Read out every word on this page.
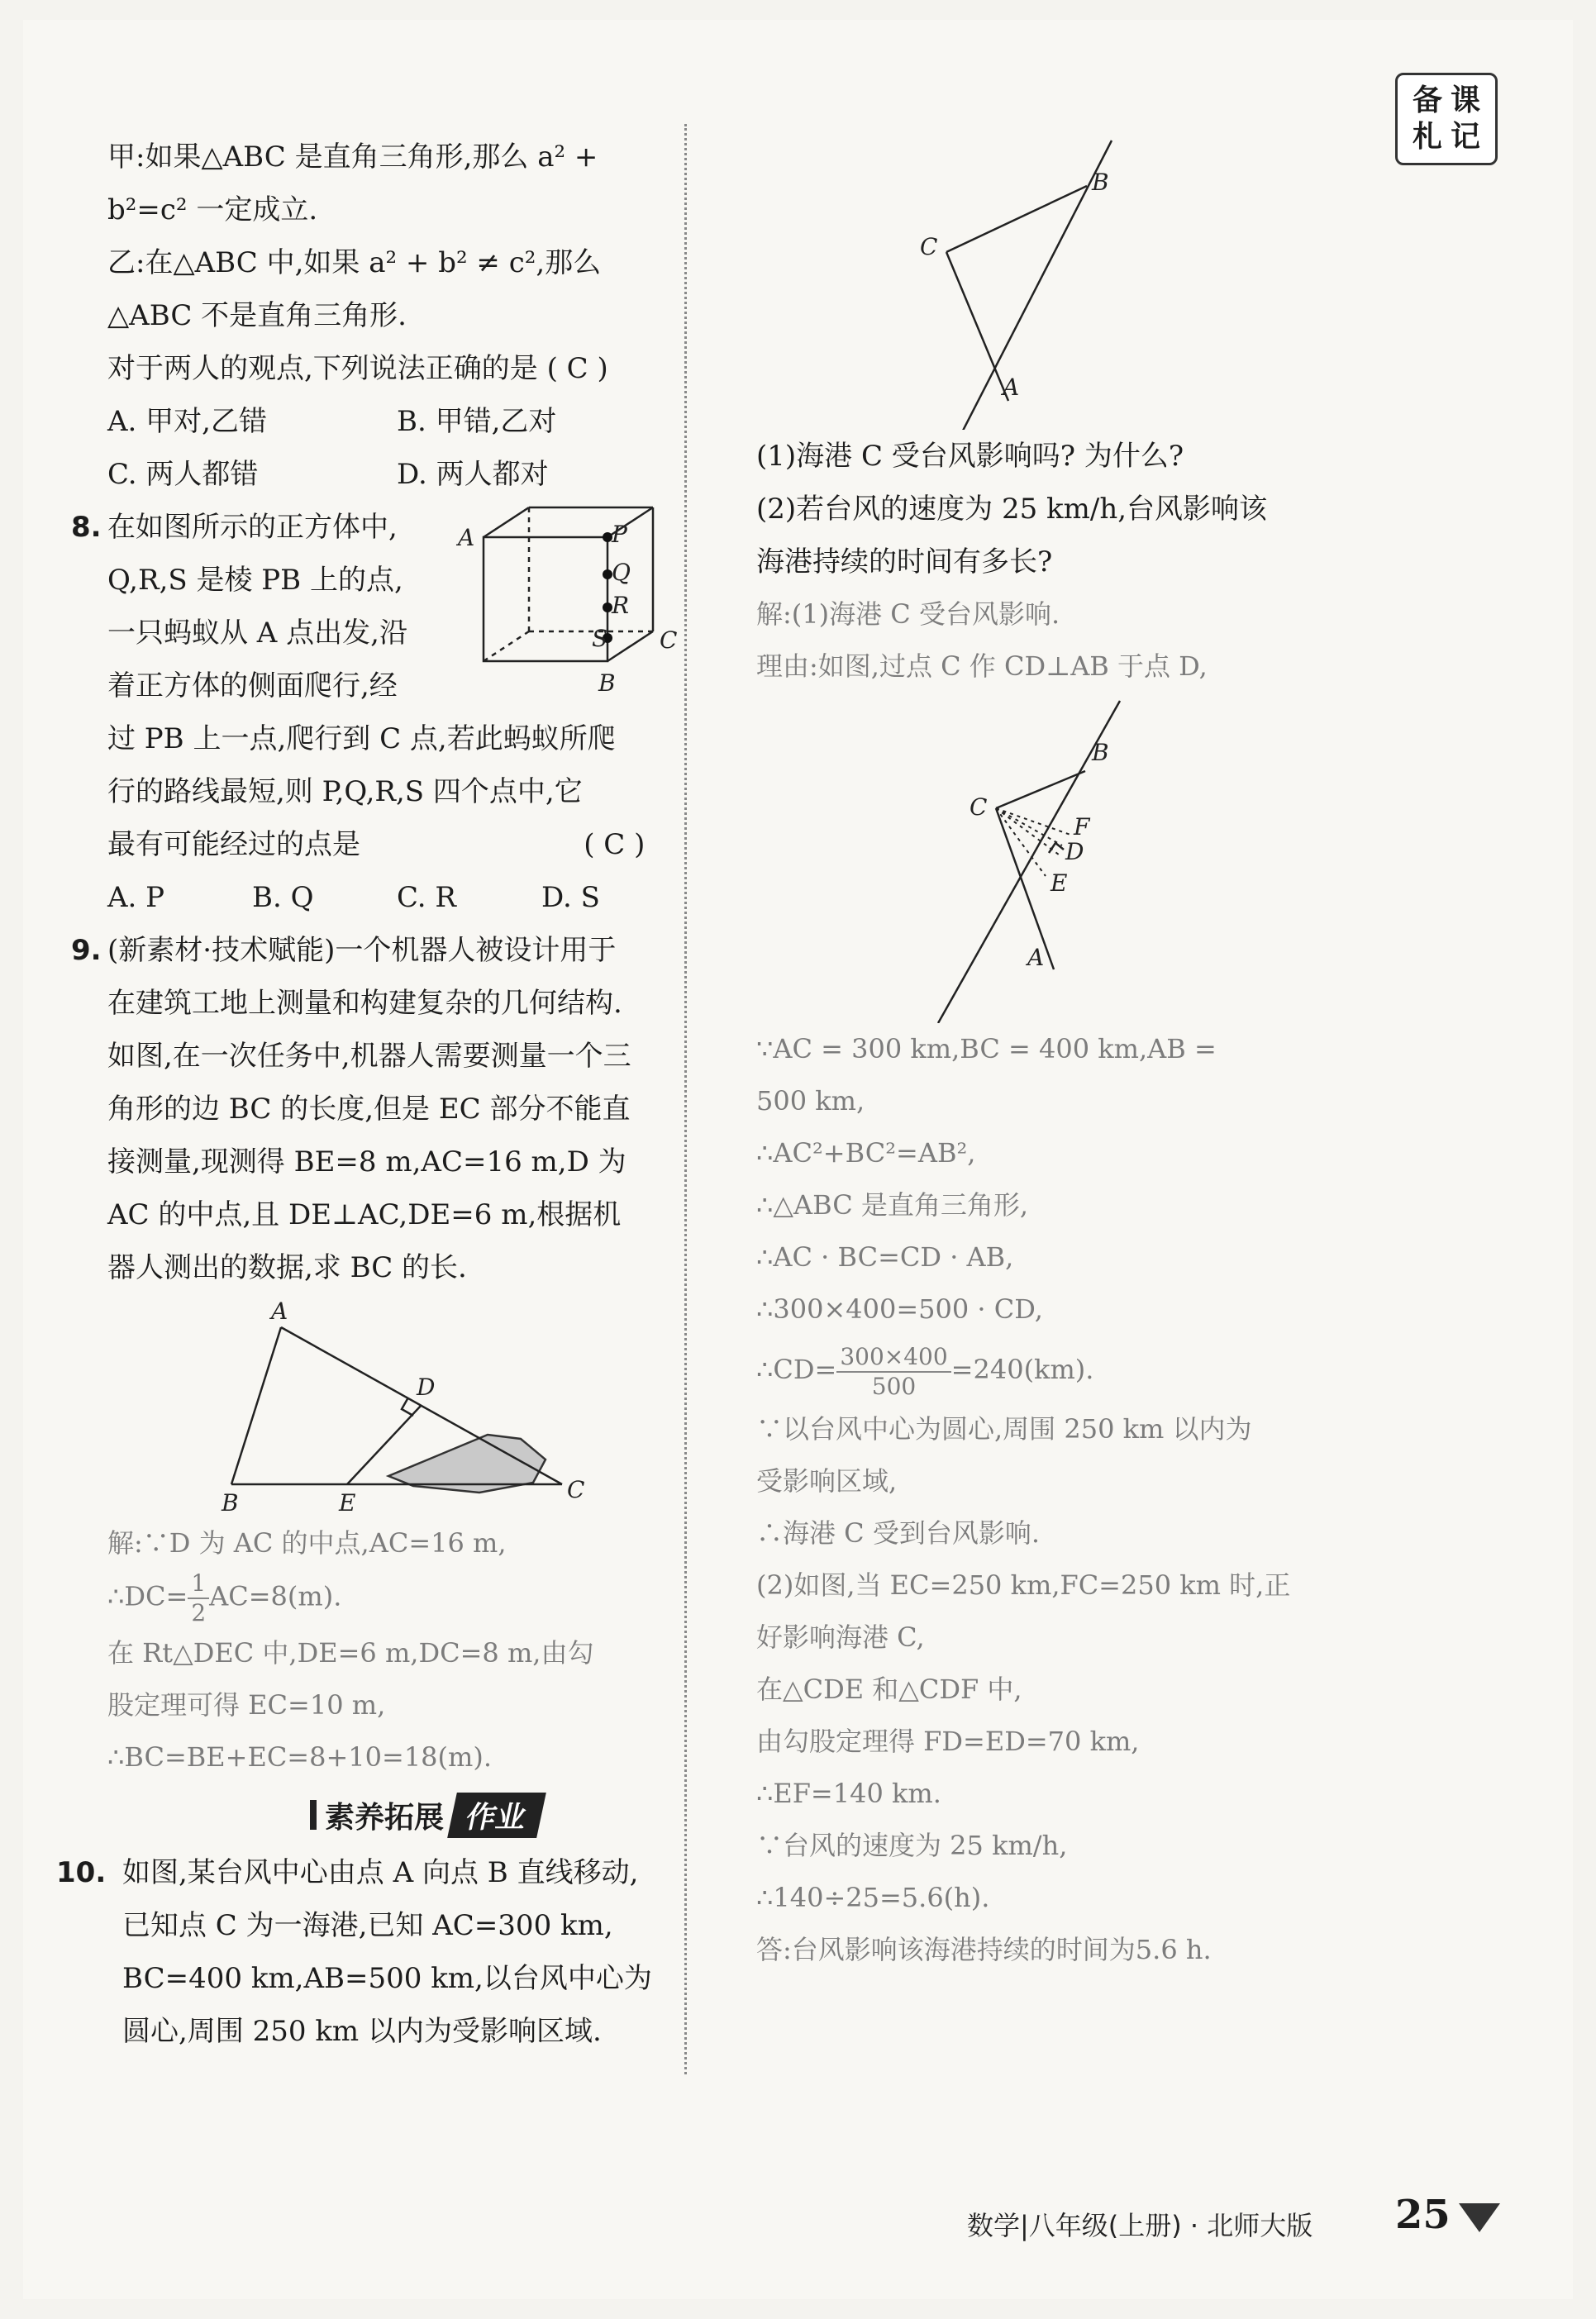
备 课
札 记
甲:如果△ABC 是直角三角形,那么 a² +
b²=c² 一定成立.
乙:在△ABC 中,如果 a² + b² ≠ c²,那么
△ABC 不是直角三角形.
对于两人的观点,下列说法正确的是 ( C )
A. 甲对,乙错	B. 甲错,乙对
C. 两人都错	D. 两人都对
8. 在如图所示的正方体中,
Q,R,S 是棱 PB 上的点,
一只蚂蚁从 A 点出发,沿
着正方体的侧面爬行,经
A	P
Q
R
S
B
C
过 PB 上一点,爬行到 C 点,若此蚂蚁所爬
行的路线最短,则 P,Q,R,S 四个点中,它
最有可能经过的点是                         ( C )
A. P	B. Q	C. R	D. S
9. (新素材·技术赋能)一个机器人被设计用于
在建筑工地上测量和构建复杂的几何结构.
如图,在一次任务中,机器人需要测量一个三
角形的边 BC 的长度,但是 EC 部分不能直
接测量,现测得 BE=8 m,AC=16 m,D 为
AC 的中点,且 DE⊥AC,DE=6 m,根据机
器人测出的数据,求 BC 的长.
A
D
B	E	C
解:∵D 为 AC 的中点,AC=16 m,
∴DC= $\frac{1}{2} AC=8(m)$.
在 Rt△DEC 中,DE=6 m,DC=8 m,由勾
股定理可得 EC=10 m,
∴BC=BE+EC=8+10=18(m).
素养拓展 作业
10. 如图,某台风中心由点 A 向点 B 直线移动,
已知点 C 为一海港,已知 AC=300 km,
BC=400 km,AB=500 km,以台风中心为
圆心,周围 250 km 以内为受影响区域.
B
C
A
(1)海港 C 受台风影响吗? 为什么?
(2)若台风的速度为 25 km/h,台风影响该
海港持续的时间有多长?
解:(1)海港 C 受台风影响.
理由:如图,过点 C 作 CD⊥AB 于点 D,
B
C
F
D
E
A
∵AC = 300 km,BC = 400 km,AB =
500 km,
∴AC²+BC²=AB²,
∴△ABC 是直角三角形,
∴AC · BC=CD · AB,
∴300×400=500 · CD,
∴CD= $\frac{300\times 400}{500} =240(km)$.
∵以台风中心为圆心,周围 250 km 以内为
受影响区域,
∴海港 C 受到台风影响.
(2)如图,当 EC=250 km,FC=250 km 时,正
好影响海港 C,
在△CDE 和△CDF 中,
由勾股定理得 FD=ED=70 km,
∴EF=140 km.
∵台风的速度为 25 km/h,
∴140÷25=5.6(h).
答:台风影响该海港持续的时间为5.6 h.
数学|八年级(上册) · 北师大版 25
